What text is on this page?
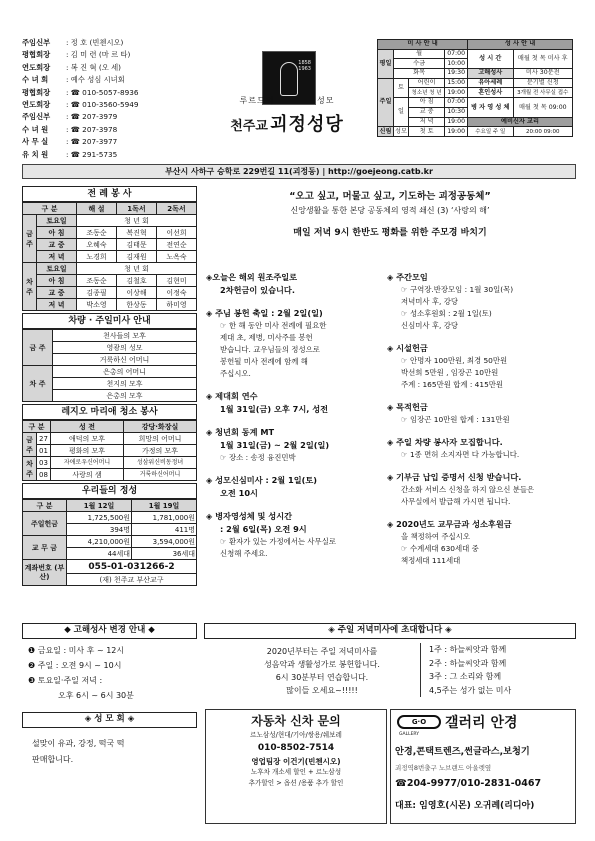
주임신부	: 정 호 (빈첸시오)
평협회장	: 김 미 련 (마 르 타)
연도회장	: 복 진 혁 (오 세)
수 녀 회	: 예수 성심 시녀회
평협회장	: ☎ 010-5057-8936
연도회장	: ☎ 010-3560-5949
주임신부	: ☎ 207-3979
수 녀 원	: ☎ 207-3978
사 무 실	: ☎ 207-3977
유 치 원	: ☎ 291-5735
1858
1963
루르드의	성모
천주교 괴정성당
미 사 안 내				성 사 안 내	
평일	월		07:00	성 시 간	매월 첫 목 미사 후
	수금		10:00		
	화목		19:30	고해성사	미사 30분전
주일	토	어린이	15:00	유아세례	분기별 신청
		청소년 청 년	19:00	혼인성사	3개월 전 사무실 접수
	일	아 침	07:00	병 자 영 성 체	매월 첫 목 09:00
		교 중	10:30		
		저 녁	19:00	예비신자 교리	
신림	성모	첫 토	19:00	수요일 주 일	20:00 09:00
부산시 사하구 승학로 229번길 11(괴정동) | http://goejeong.catb.kr
전 례 봉 사
구 분		해 설	1독서	2독서
금 주	토요일	청 년 회		
	아 침	조동순	복진혁	이선희
	교 중	오혜숙	김태문	전연순
	저 녁	노경희	김재원	노옥숙
차 주	토요일	청 년 회		
	아 침	조동순	김철호	김현미
	교 중	김종필	이상해	이정숙
	저 녁	박소영	한상동	하미영
차량 · 주일미사 안내
금 주	천사들의 모후
	영광의 성모
	거룩하신 어머니
차 주	은총의 어머니
	천지의 모후
	은총의 모후
레지오 마리애 청소 봉사
구 분		성 전	강당·화장실
금 주	27	애덕의 모후	희망의 어머니
	01	평화의 모후	가정의 모후
차 주	03	자애로우신어머니	성삼위신비동정녀
	08	사랑의 샘	거룩하신어머니
우리들의 정성
구 분	1월 12일	1월 19일
주일헌금	1,725,500원	1,781,000원
	394명	411명
교 무 금	4,210,000원	3,594,000원
	44세대	36세대
계좌번호 (부산)	055-01-031266-2	
	(재) 천주교 부산교구	
“오고 싶고, 머물고 싶고, 기도하는 괴정공동체”
신앙생활을 통한 본당 공동체의 영적 쇄신 (3) ‘사랑의 해’
매일 저녁 9시 한반도 평화를 위한 주모경 바치기
◈오늘은 해외 원조주일로
2차헌금이 있습니다.
◈ 주님 봉헌 축일 : 2월 2일(일)
☞ 한 해 동안 미사 전례에 필요한
제대 초, 제병, 미사주를 봉헌
받습니다. 교우님들의 정성으로
봉헌될 미사 전례에 함께 해
주십시오.
◈ 제대회 연수
1월 31일(금) 오후 7시, 성전
◈ 청년회 동계 MT
1월 31일(금) ~ 2월 2일(일)
☞ 장소 : 송정 융진민박
◈ 성모신심미사 : 2월 1일(토)
오전 10시
◈ 병자영성체 및 성시간
: 2월 6일(목) 오전 9시
☞ 환자가 있는 가정에서는 사무실로
신청해 주세요.
◈ 주간모임
☞ 구역장.반장모임 : 1월 30일(목)
저녁미사 후, 강당
☞ 성소후원회 : 2월 1일(토)
신심미사 후, 강당
◈ 시설헌금
☞ 안명자 100만원, 최경 50만원
박선희 5만원 , 임장곤 10만원
주계 : 165만원 합계 : 415만원
◈ 목적헌금
☞ 임장곤 10만원 합계 : 131만원
◈ 주일 차량 봉사자 모집합니다.
☞ 1종 면허 소지자면 다 가능합니다.
◈ 기부금 납입 증명서 신청 받습니다.
간소화 서비스 신청을 하지 않으신 분들은
사무실에서 발급해 가시면 됩니다.
◈ 2020년도 교무금과 성소후원금
을 책정하여 주십시오
☞ 수계세대 630세대 중
책정세대 111세대
◆ 고해성사 변경 안내 ◆
❶ 금요일 : 미사 후 ~ 12시
❷ 주일 : 오전 9시 ~ 10시
❸ 토요일·주일 저녁 :
오후 6시 ~ 6시 30분
◈ 주일 저녁미사에 초대합니다 ◈
2020년부터는 주일 저녁미사를
성음악과 생활성가로 봉헌합니다.
6시 30분부터 연습합니다.
많이들 오세요~!!!!!
1주 : 하늘씨앗과 함께
2주 : 하늘씨앗과 함께
3주 : 그 소리와 함께
4,5주는 성가 없는 미사
◈ 성 모 회 ◈
설맞이 유과, 강정, 떡국 떡
판매합니다.
자동차 신차 문의
르노삼성/현대/기아/쌍용/쉐보레
010-8502-7514
영업팀장 이건기(빈첸시오)
노후차 개소세 할인 + 르노삼성
추가할인 > 옵션 /용품 추가 할인
G·O
GALLERY
갤러리 안경
안경,콘택트렌즈,썬글라스,보청기
괴정역8번출구 노브랜드 아울렛옆
☎204-9977/010-2831-0467
대표: 임영호(시몬) 오귀례(리디아)
